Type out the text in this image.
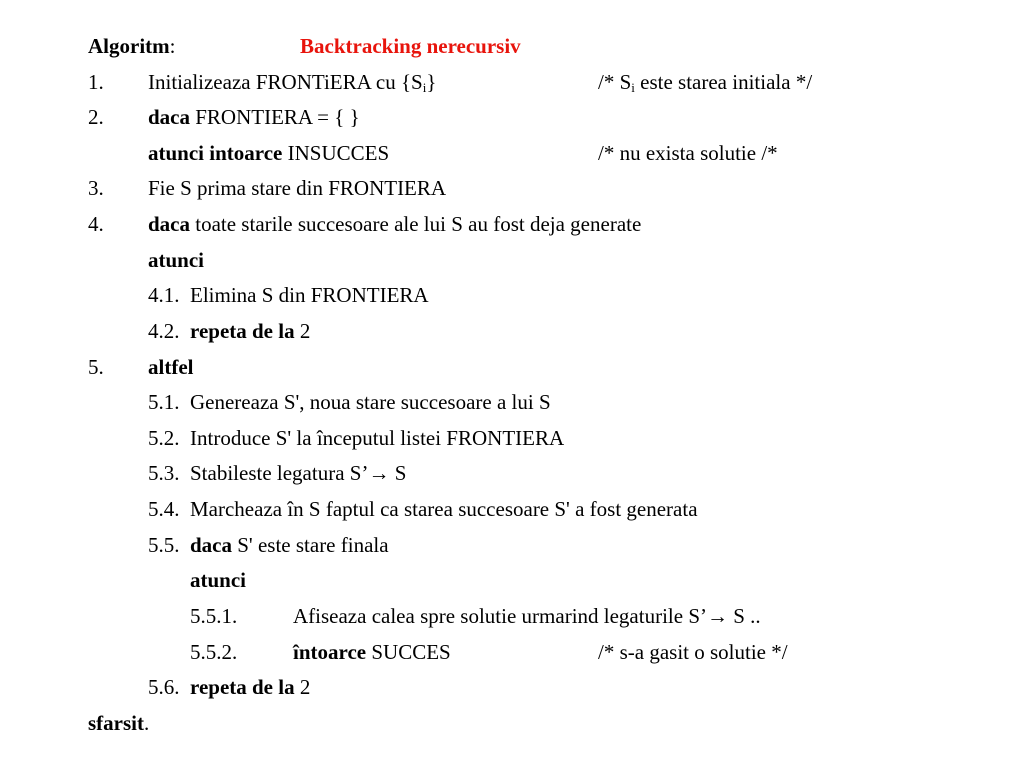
Algoritm:	Backtracking nerecursiv
1. Initializeaza FRONTiERA cu $\{S_i\}$	/* $S_i$ este starea initiala */
2. daca FRONTIERA = { }
atunci intoarce INSUCCES	/* nu exista solutie /*
3. Fie S prima stare din FRONTIERA
4. daca toate starile succesoare ale lui S au fost deja generate
atunci
4.1. Elimina S din FRONTIERA
4.2. repeta de la 2
5. altfel
5.1. Genereaza S', noua stare succesoare a lui S
5.2. Introduce S' la începutul listei FRONTIERA
5.3. Stabileste legatura S’→ S
5.4. Marcheaza în S faptul ca starea succesoare S' a fost generata
5.5. daca S' este stare finala
atunci
5.5.1.	Afiseaza calea spre solutie urmarind legaturile S’→ S ..
5.5.2.	întoarce SUCCES	/* s-a gasit o solutie */
5.6. repeta de la 2
sfarsit.
